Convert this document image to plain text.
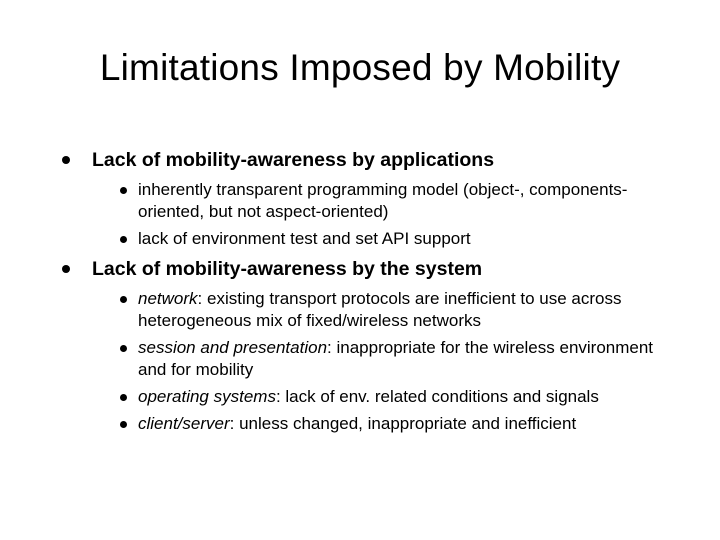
Limitations Imposed by Mobility
Lack of mobility-awareness by applications
inherently transparent programming model (object-, components-oriented, but not aspect-oriented)
lack of environment test and set API support
Lack of mobility-awareness by the system
network: existing transport protocols are inefficient to use across heterogeneous mix of fixed/wireless networks
session and presentation: inappropriate for the wireless environment and for mobility
operating systems: lack of env. related conditions and signals
client/server: unless changed, inappropriate and inefficient
